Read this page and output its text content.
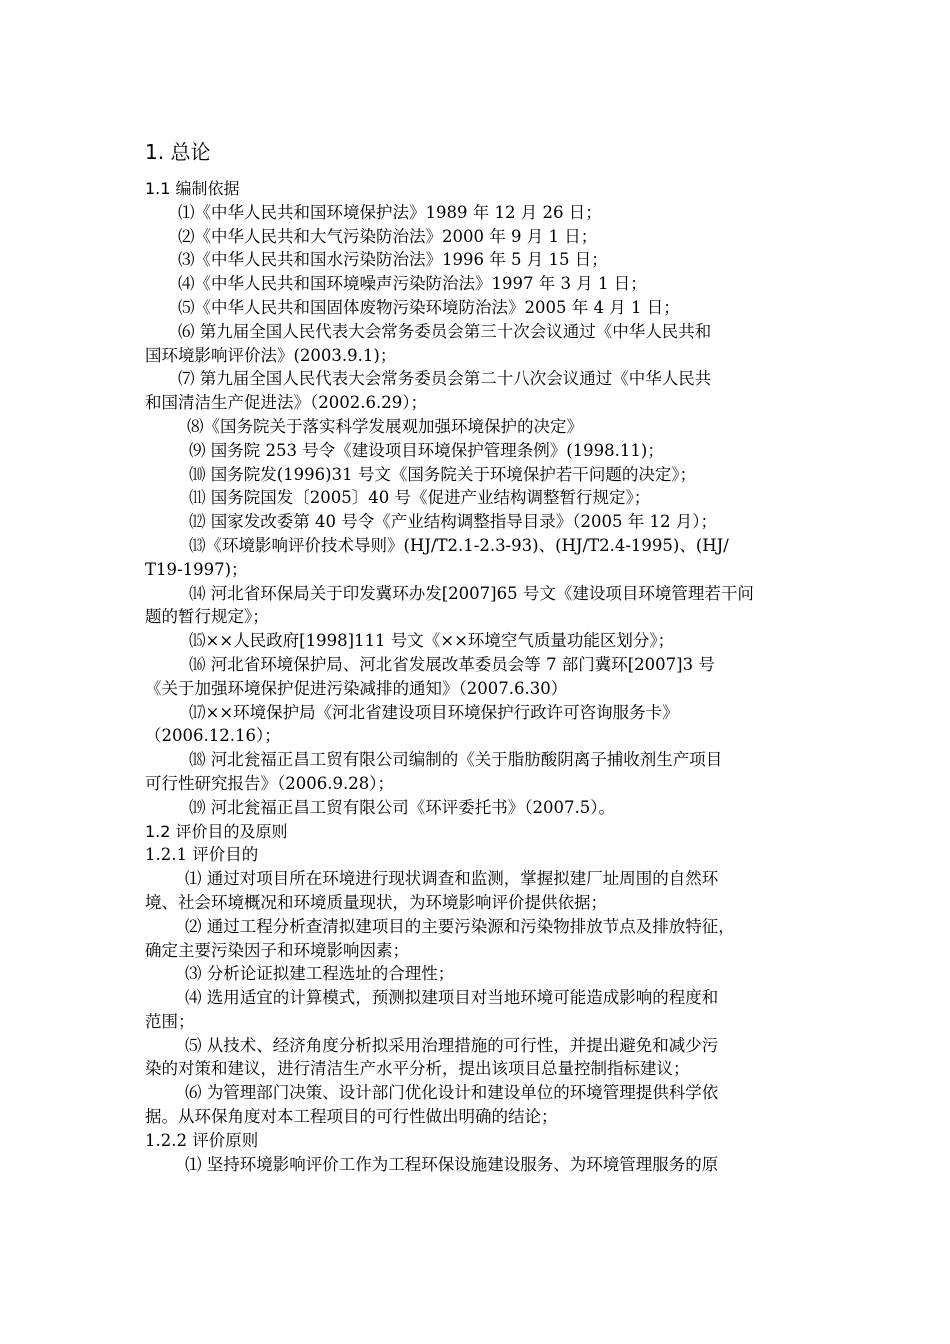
1. 总论
1.1 编制依据
⑴《中华人民共和国环境保护法》1989 年 12 月 26 日；
⑵《中华人民共和大气污染防治法》2000 年 9 月 1 日；
⑶《中华人民共和国水污染防治法》1996 年 5 月 15 日；
⑷《中华人民共和国环境噪声污染防治法》1997 年 3 月 1 日；
⑸《中华人民共和国固体废物污染环境防治法》2005 年 4 月 1 日；
⑹ 第九届全国人民代表大会常务委员会第三十次会议通过《中华人民共和
国环境影响评价法》(2003.9.1)；
⑺ 第九届全国人民代表大会常务委员会第二十八次会议通过《中华人民共
和国清洁生产促进法》（2002.6.29）；
⑻《国务院关于落实科学发展观加强环境保护的决定》
⑼ 国务院 253 号令《建设项目环境保护管理条例》(1998.11)；
⑽ 国务院发(1996)31 号文《国务院关于环境保护若干问题的决定》；
⑾ 国务院国发〔2005〕40 号《促进产业结构调整暂行规定》；
⑿ 国家发改委第 40 号令《产业结构调整指导目录》（2005 年 12 月）；
⒀《环境影响评价技术导则》(HJ/T2.1-2.3-93)、(HJ/T2.4-1995)、(HJ/
T19-1997)；
⒁ 河北省环保局关于印发冀环办发[2007]65 号文《建设项目环境管理若干问
题的暂行规定》；
⒂××人民政府[1998]111 号文《××环境空气质量功能区划分》；
⒃ 河北省环境保护局、河北省发展改革委员会等 7 部门冀环[2007]3 号
《关于加强环境保护促进污染减排的通知》（2007.6.30）
⒄××环境保护局《河北省建设项目环境保护行政许可咨询服务卡》
（2006.12.16）；
⒅ 河北瓮福正昌工贸有限公司编制的《关于脂肪酸阴离子捕收剂生产项目
可行性研究报告》（2006.9.28）；
⒆ 河北瓮福正昌工贸有限公司《环评委托书》（2007.5）。
1.2 评价目的及原则
1.2.1 评价目的
⑴ 通过对项目所在环境进行现状调查和监测，掌握拟建厂址周围的自然环
境、社会环境概况和环境质量现状，为环境影响评价提供依据；
⑵ 通过工程分析查清拟建项目的主要污染源和污染物排放节点及排放特征，
确定主要污染因子和环境影响因素；
⑶ 分析论证拟建工程选址的合理性；
⑷ 选用适宜的计算模式，预测拟建项目对当地环境可能造成影响的程度和
范围；
⑸ 从技术、经济角度分析拟采用治理措施的可行性，并提出避免和减少污
染的对策和建议，进行清洁生产水平分析，提出该项目总量控制指标建议；
⑹ 为管理部门决策、设计部门优化设计和建设单位的环境管理提供科学依
据。从环保角度对本工程项目的可行性做出明确的结论；
1.2.2 评价原则
⑴ 坚持环境影响评价工作为工程环保设施建设服务、为环境管理服务的原
